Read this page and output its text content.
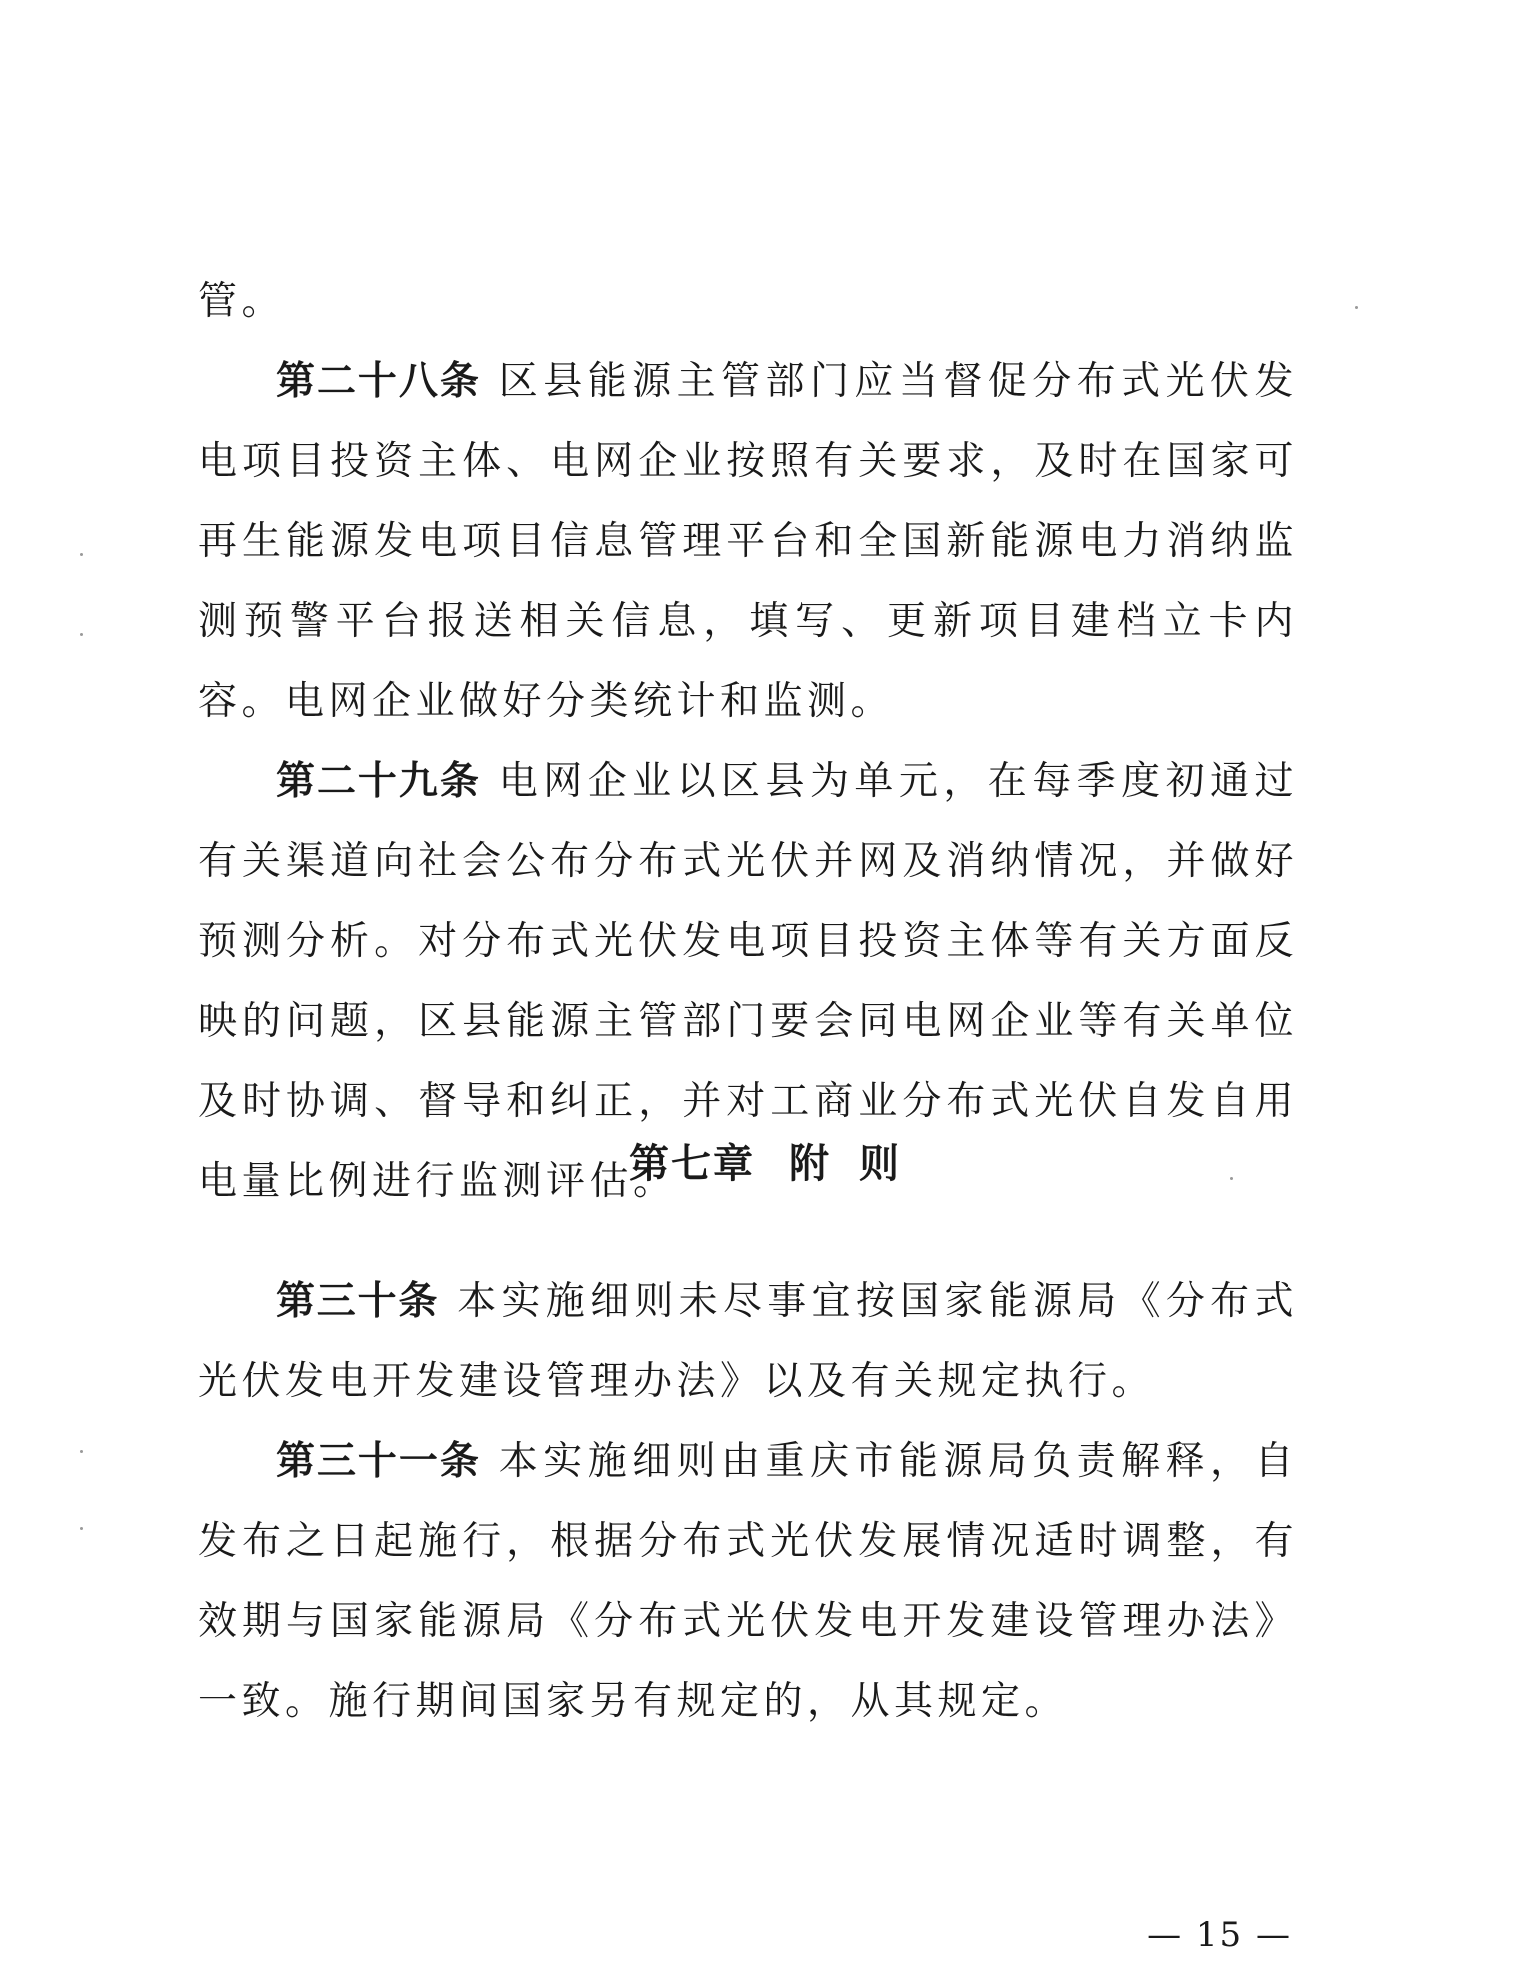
管。

第二十八条 区县能源主管部门应当督促分布式光伏发电项目投资主体、电网企业按照有关要求，及时在国家可再生能源发电项目信息管理平台和全国新能源电力消纳监测预警平台报送相关信息，填写、更新项目建档立卡内容。电网企业做好分类统计和监测。

第二十九条 电网企业以区县为单元，在每季度初通过有关渠道向社会公布分布式光伏并网及消纳情况，并做好预测分析。对分布式光伏发电项目投资主体等有关方面反映的问题，区县能源主管部门要会同电网企业等有关单位及时协调、督导和纠正，并对工商业分布式光伏自发自用电量比例进行监测评估。

第七章 附 则

第三十条 本实施细则未尽事宜按国家能源局《分布式光伏发电开发建设管理办法》以及有关规定执行。

第三十一条 本实施细则由重庆市能源局负责解释，自发布之日起施行，根据分布式光伏发展情况适时调整，有效期与国家能源局《分布式光伏发电开发建设管理办法》一致。施行期间国家另有规定的，从其规定。

— 15 —
